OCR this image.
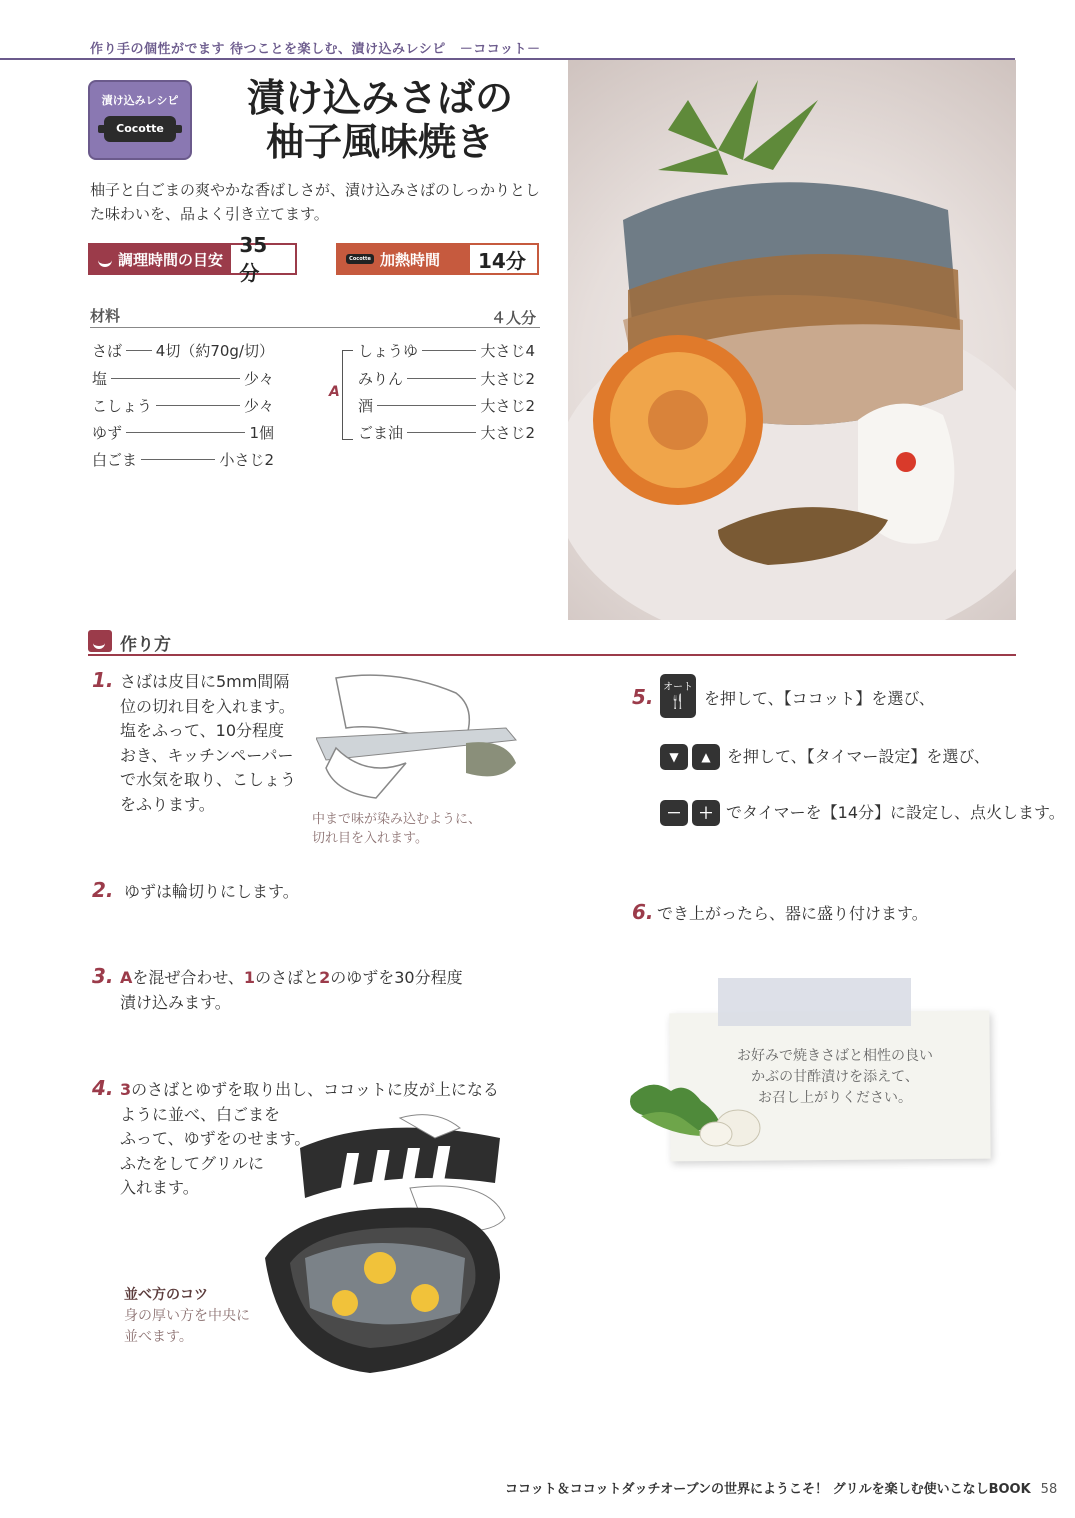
作り手の個性がでます 待つことを楽しむ、漬け込みレシピ －ココット－
漬け込みレシピ
Cocotte
漬け込みさばの
柚子風味焼き
柚子と白ごまの爽やかな香ばしさが、漬け込みさばのしっかりとした味わいを、品よく引き立てます。
調理時間の目安
35分
Cocotte 加熱時間	14分
材料	４人分
さば 4切（約70g/切）
塩	少々
こしょう	少々
ゆず	1個
白ごま	小さじ2
A
しょうゆ	大さじ4
みりん	大さじ2
酒	大さじ2
ごま油	大さじ2
作り方
1. さばは皮目に5mm間隔
位の切れ目を入れます。
塩をふって、10分程度
おき、キッチンペーパー
で水気を取り、こしょう
をふります。
中まで味が染み込むように、
切れ目を入れます。
2. ゆずは輪切りにします。
3. Aを混ぜ合わせ、1のさばと2のゆずを30分程度
漬け込みます。
4. 3のさばとゆずを取り出し、ココットに皮が上になる
ように並べ、白ごまを
ふって、ゆずをのせます。
ふたをしてグリルに
入れます。
並べ方のコツ
身の厚い方を中央に
並べます。
5. オート
🍴	を押して、【ココット】を選び、
▼	▲	を押して、【タイマー設定】を選び、
－	＋ でタイマーを【14分】に設定し、点火します。
6. でき上がったら、器に盛り付けます。
お好みで焼きさばと相性の良い
かぶの甘酢漬けを添えて、
お召し上がりください。
ココット＆ココットダッチオーブンの世界にようこそ！ グリルを楽しむ使いこなしBOOK 58
